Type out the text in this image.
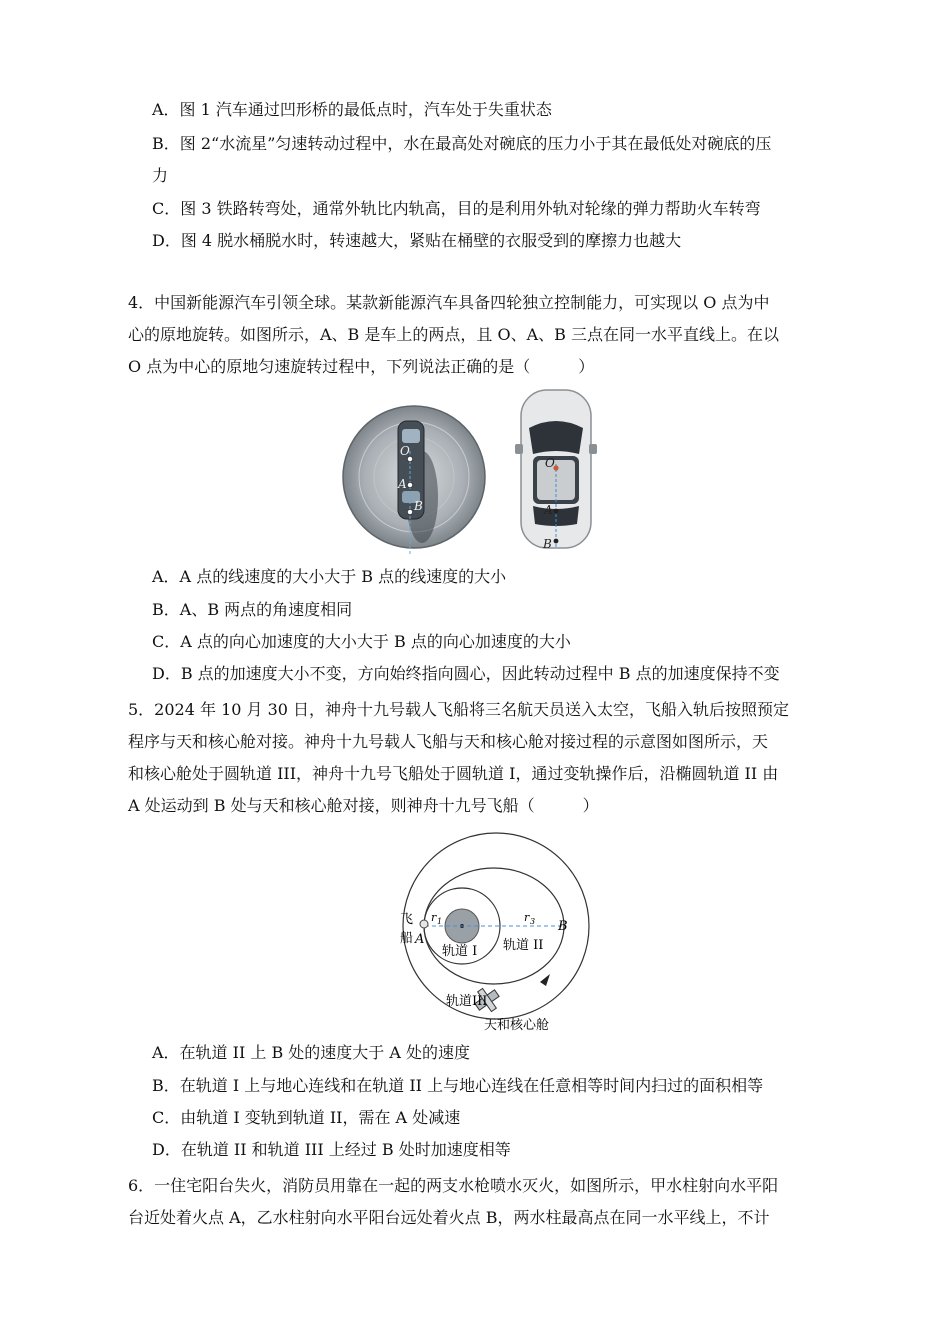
A．图 1 汽车通过凹形桥的最低点时，汽车处于失重状态
B．图 2“水流星”匀速转动过程中，水在最高处对碗底的压力小于其在最低处对碗底的压
力
C．图 3 铁路转弯处，通常外轨比内轨高，目的是利用外轨对轮缘的弹力帮助火车转弯
D．图 4 脱水桶脱水时，转速越大，紧贴在桶壁的衣服受到的摩擦力也越大
4．中国新能源汽车引领全球。某款新能源汽车具备四轮独立控制能力，可实现以 O 点为中
心的原地旋转。如图所示，A、B 是车上的两点，且 O、A、B 三点在同一水平直线上。在以
O 点为中心的原地匀速旋转过程中，下列说法正确的是（　　　）
O
A
B
O
A
B
A．A 点的线速度的大小大于 B 点的线速度的大小
B．A、B 两点的角速度相同
C．A 点的向心加速度的大小大于 B 点的向心加速度的大小
D．B 点的加速度大小不变，方向始终指向圆心，因此转动过程中 B 点的加速度保持不变
5．2024 年 10 月 30 日，神舟十九号载人飞船将三名航天员送入太空，飞船入轨后按照预定
程序与天和核心舱对接。神舟十九号载人飞船与天和核心舱对接过程的示意图如图所示，天
和核心舱处于圆轨道 III，神舟十九号飞船处于圆轨道 I，通过变轨操作后，沿椭圆轨道 II 由
A 处运动到 B 处与天和核心舱对接，则神舟十九号飞船（　　　）
飞
船 A
B
r 1	r 3
轨道 I 轨道 II
轨道III
天和核心舱
A．在轨道 II 上 B 处的速度大于 A 处的速度
B．在轨道 I 上与地心连线和在轨道 II 上与地心连线在任意相等时间内扫过的面积相等
C．由轨道 I 变轨到轨道 II，需在 A 处减速
D．在轨道 II 和轨道 III 上经过 B 处时加速度相等
6．一住宅阳台失火，消防员用靠在一起的两支水枪喷水灭火，如图所示，甲水柱射向水平阳
台近处着火点 A，乙水柱射向水平阳台远处着火点 B，两水柱最高点在同一水平线上，不计
